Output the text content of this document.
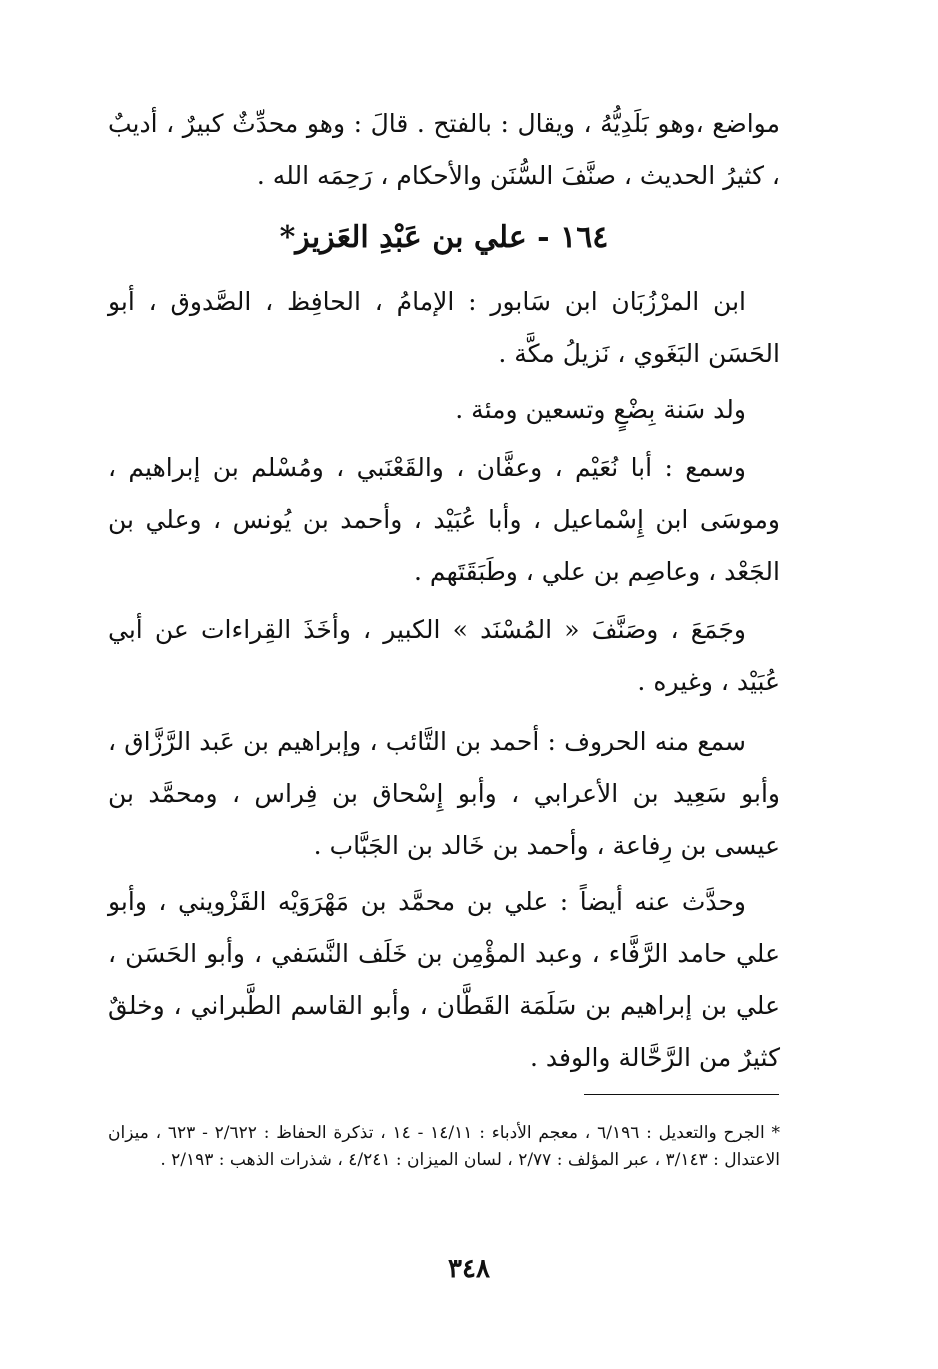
مواضع ،وهو بَلَدِيُّهُ ، ويقال : بالفتح . قالَ : وهو محدِّثٌ كبيرٌ ، أديبٌ ، كثيرُ الحديث ، صنَّفَ السُّنَن والأحكام ، رَحِمَه الله .
١٦٤ - علي بن عَبْدِ العَزيز*
ابن المرْزُبَان ابن سَابور : الإمامُ ، الحافِظ ، الصَّدوق ، أبو الحَسَن البَغَوي ، نَزيلُ مكَّة .
ولد سَنة بِضْعٍ وتسعين ومئة .
وسمع : أبا نُعَيْم ، وعفَّان ، والقَعْنَبي ، ومُسْلم بن إبراهيم ، وموسَى ابن إِسْماعيل ، وأبا عُبَيْد ، وأحمد بن يُونس ، وعلي بن الجَعْد ، وعاصِم بن علي ، وطَبَقَتَهم .
وجَمَعَ ، وصَنَّفَ « المُسْنَد » الكبير ، وأخَذَ القِراءات عن أبي عُبَيْد ، وغيره .
سمع منه الحروف : أحمد بن التَّائب ، وإبراهيم بن عَبد الرَّزَّاق ، وأبو سَعِيد بن الأعرابي ، وأبو إِسْحاق بن فِراس ، ومحمَّد بن عيسى بن رِفاعة ، وأحمد بن خَالد بن الجَبَّاب .
وحدَّث عنه أيضاً : علي بن محمَّد بن مَهْرَوَيْه القَزْويني ، وأبو علي حامد الرَّفَّاء ، وعبد المؤْمِن بن خَلَف النَّسَفي ، وأبو الحَسَن ، علي بن إبراهيم بن سَلَمَة القَطَّان ، وأبو القاسم الطَّبراني ، وخلقٌ كثيرٌ من الرَّحَّالة والوفد .
* الجرح والتعديل : ٦/١٩٦ ، معجم الأدباء : ١٤/١١ - ١٤ ، تذكرة الحفاظ : ٢/٦٢٢ - ٦٢٣ ، ميزان الاعتدال : ٣/١٤٣ ، عبر المؤلف : ٢/٧٧ ، لسان الميزان : ٤/٢٤١ ، شذرات الذهب : ٢/١٩٣ .
٣٤٨
